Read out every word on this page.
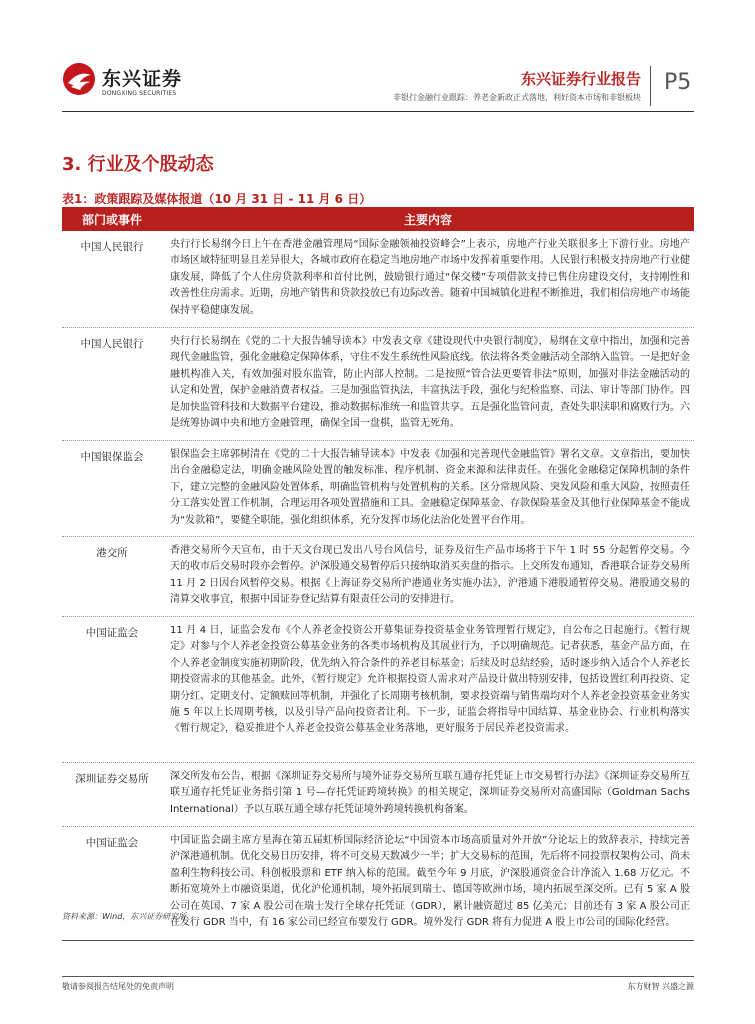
东兴证券
DONGXING SECURITIES
东兴证券行业报告
非银行金融行业跟踪：养老金新政正式落地，利好资本市场和非银板块
P5
3. 行业及个股动态
表1：政策跟踪及媒体报道（10 月 31 日 - 11 月 6 日）
部门或事件	主要内容
中国人民银行	央行行长易纲今日上午在香港金融管理局“国际金融领袖投资峰会”上表示，房地产行业关联很多上下游行业。房地产市场区域特征明显且差异很大，各城市政府在稳定当地房地产市场中发挥着重要作用。人民银行积极支持房地产行业健康发展，降低了个人住房贷款利率和首付比例，鼓励银行通过“保交楼”专项借款支持已售住房建设交付，支持刚性和改善性住房需求。近期，房地产销售和贷款投放已有边际改善。随着中国城镇化进程不断推进，我们相信房地产市场能保持平稳健康发展。
中国人民银行	央行行长易纲在《党的二十大报告辅导读本》中发表文章《建设现代中央银行制度》，易纲在文章中指出，加强和完善现代金融监管，强化金融稳定保障体系，守住不发生系统性风险底线。依法将各类金融活动全部纳入监管。一是把好金融机构准入关，有效加强对股东监管，防止内部人控制。二是按照“管合法更要管非法”原则，加强对非法金融活动的认定和处置，保护金融消费者权益。三是加强监管执法，丰富执法手段，强化与纪检监察、司法、审计等部门协作。四是加快监管科技和大数据平台建设，推动数据标准统一和监管共享。五是强化监管问责，查处失职渎职和腐败行为。六是统筹协调中央和地方金融管理，确保全国一盘棋，监管无死角。
中国银保监会	银保监会主席郭树清在《党的二十大报告辅导读本》中发表《加强和完善现代金融监管》署名文章。文章指出，要加快出台金融稳定法，明确金融风险处置的触发标准、程序机制、资金来源和法律责任。在强化金融稳定保障机制的条件下，建立完整的金融风险处置体系，明确监管机构与处置机构的关系。区分常规风险、突发风险和重大风险，按照责任分工落实处置工作机制，合理运用各项处置措施和工具。金融稳定保障基金、存款保险基金及其他行业保障基金不能成为“发款箱”，要健全职能，强化组织体系，充分发挥市场化法治化处置平台作用。
港交所	香港交易所今天宣布，由于天文台现已发出八号台风信号，证券及衍生产品市场将于下午 1 时 55 分起暂停交易。今天的收市后交易时段亦会暂停。沪深股通交易暂停后只接纳取消买卖盘的指示。上交所发布通知，香港联合证券交易所 11 月 2 日因台风暂停交易。根据《上海证券交易所沪港通业务实施办法》，沪港通下港股通暂停交易。港股通交易的清算交收事宜，根据中国证券登记结算有限责任公司的安排进行。
中国证监会	11 月 4 日，证监会发布《个人养老金投资公开募集证券投资基金业务管理暂行规定》，自公布之日起施行。《暂行规定》对参与个人养老金投资公募基金业务的各类市场机构及其展业行为，予以明确规范。记者获悉，基金产品方面，在个人养老金制度实施初期阶段，优先纳入符合条件的养老目标基金；后续及时总结经验，适时逐步纳入适合个人养老长期投资需求的其他基金。此外，《暂行规定》允许根据投资人需求对产品设计做出特别安排，包括设置红利再投资、定期分红、定期支付、定额赎回等机制，并强化了长周期考核机制，要求投资端与销售端均对个人养老金投资基金业务实施 5 年以上长周期考核，以及引导产品向投资者让利。下一步，证监会将指导中国结算、基金业协会、行业机构落实《暂行规定》，稳妥推进个人养老金投资公募基金业务落地，更好服务于居民养老投资需求。
深圳证券交易所	深交所发布公告，根据《深圳证券交易所与境外证券交易所互联互通存托凭证上市交易暂行办法》《深圳证券交易所互联互通存托凭证业务指引第 1 号—存托凭证跨境转换》的相关规定，深圳证券交易所对高盛国际（Goldman Sachs International）予以互联互通全球存托凭证境外跨境转换机构备案。
中国证监会	中国证监会副主席方星海在第五届虹桥国际经济论坛“中国资本市场高质量对外开放”分论坛上的致辞表示，持续完善沪深港通机制。优化交易日历安排，将不可交易天数减少一半；扩大交易标的范围，先后将不同投票权架构公司、尚未盈利生物科技公司、科创板股票和 ETF 纳入标的范围。截至今年 9 月底，沪深股通资金合计净流入 1.68 万亿元。不断拓宽境外上市融资渠道，优化沪伦通机制，境外拓展到瑞士、德国等欧洲市场，境内拓展至深交所。已有 5 家 A 股公司在英国、7 家 A 股公司在瑞士发行全球存托凭证（GDR），累计融资超过 85 亿美元；目前还有 3 家 A 股公司正在发行 GDR 当中，有 16 家公司已经宣布要发行 GDR。境外发行 GDR 将有力促进 A 股上市公司的国际化经营。
资料来源：Wind，东兴证券研究所
敬请参阅报告结尾处的免责声明	东方财智 兴盛之源
